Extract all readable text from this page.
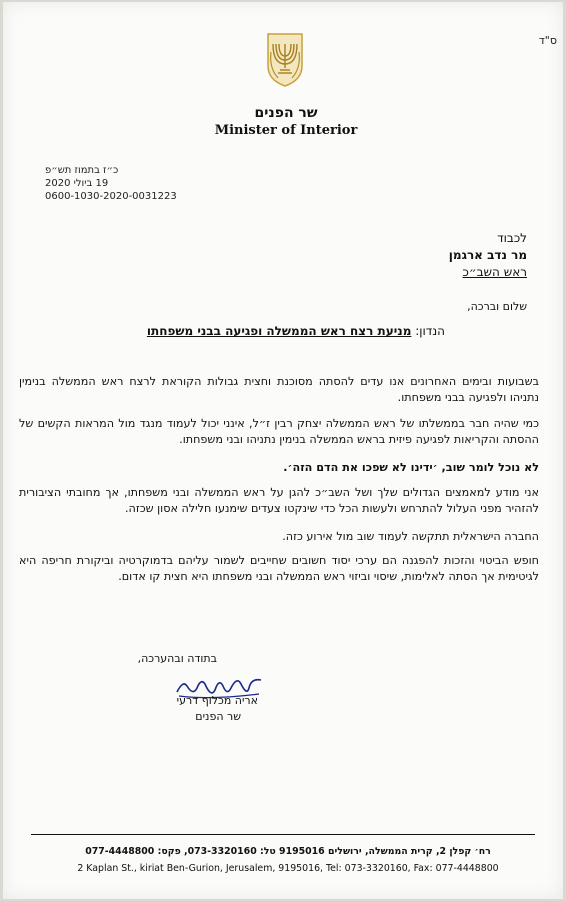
ס"ד
שר הפנים
Minister of Interior
כ״ז בתמוז תש״פ
19 ביולי 2020
0600-1030-2020-0031223
לכבוד
מר נדב ארגמן
ראש השב״כ
שלום וברכה,
הנדון: מניעת רצח ראש הממשלה ופגיעה בבני משפחתו
בשבועות ובימים האחרונים אנו עדים להסתה מסוכנת וחצית גבולות הקוראת לרצח ראש הממשלה בנימין נתניהו ולפגיעה בבני משפחתו.
כמי שהיה חבר בממשלתו של ראש הממשלה יצחק רבין ז״ל, אינני יכול לעמוד מנגד מול המראות הקשים של ההסתה והקריאות לפגיעה פיזית בראש הממשלה בנימין נתניהו ובני משפחתו.
לא נוכל לומר שוב, ׳ידינו לא שפכו את הדם הזה׳.
אני מודע למאמצים הגדולים שלך ושל השב״כ להגן על ראש הממשלה ובני משפחתו, אך מחובתי הציבורית להזהיר מפני העלול להתרחש ולעשות הכל כדי שינקטו צעדים שימנעו חלילה אסון שכזה.
החברה הישראלית תתקשה לעמוד שוב מול אירוע כזה.
חופש הביטוי והזכות להפגנה הם ערכי יסוד חשובים שחייבים לשמור עליהם בדמוקרטיה וביקורת חריפה היא לגיטימית אך הסתה לאלימות, שיסוי וביזוי ראש הממשלה ובני משפחתו היא חצית קו אדום.
בתודה ובהערכה,
אריה מכלוף דרעי
שר הפנים
רח׳ קפלן 2, קרית הממשלה, ירושלים 9195016 טל: 073-3320160, פקס: 077-4448800
2 Kaplan St., kiriat Ben-Gurion, Jerusalem, 9195016, Tel: 073-3320160, Fax: 077-4448800
